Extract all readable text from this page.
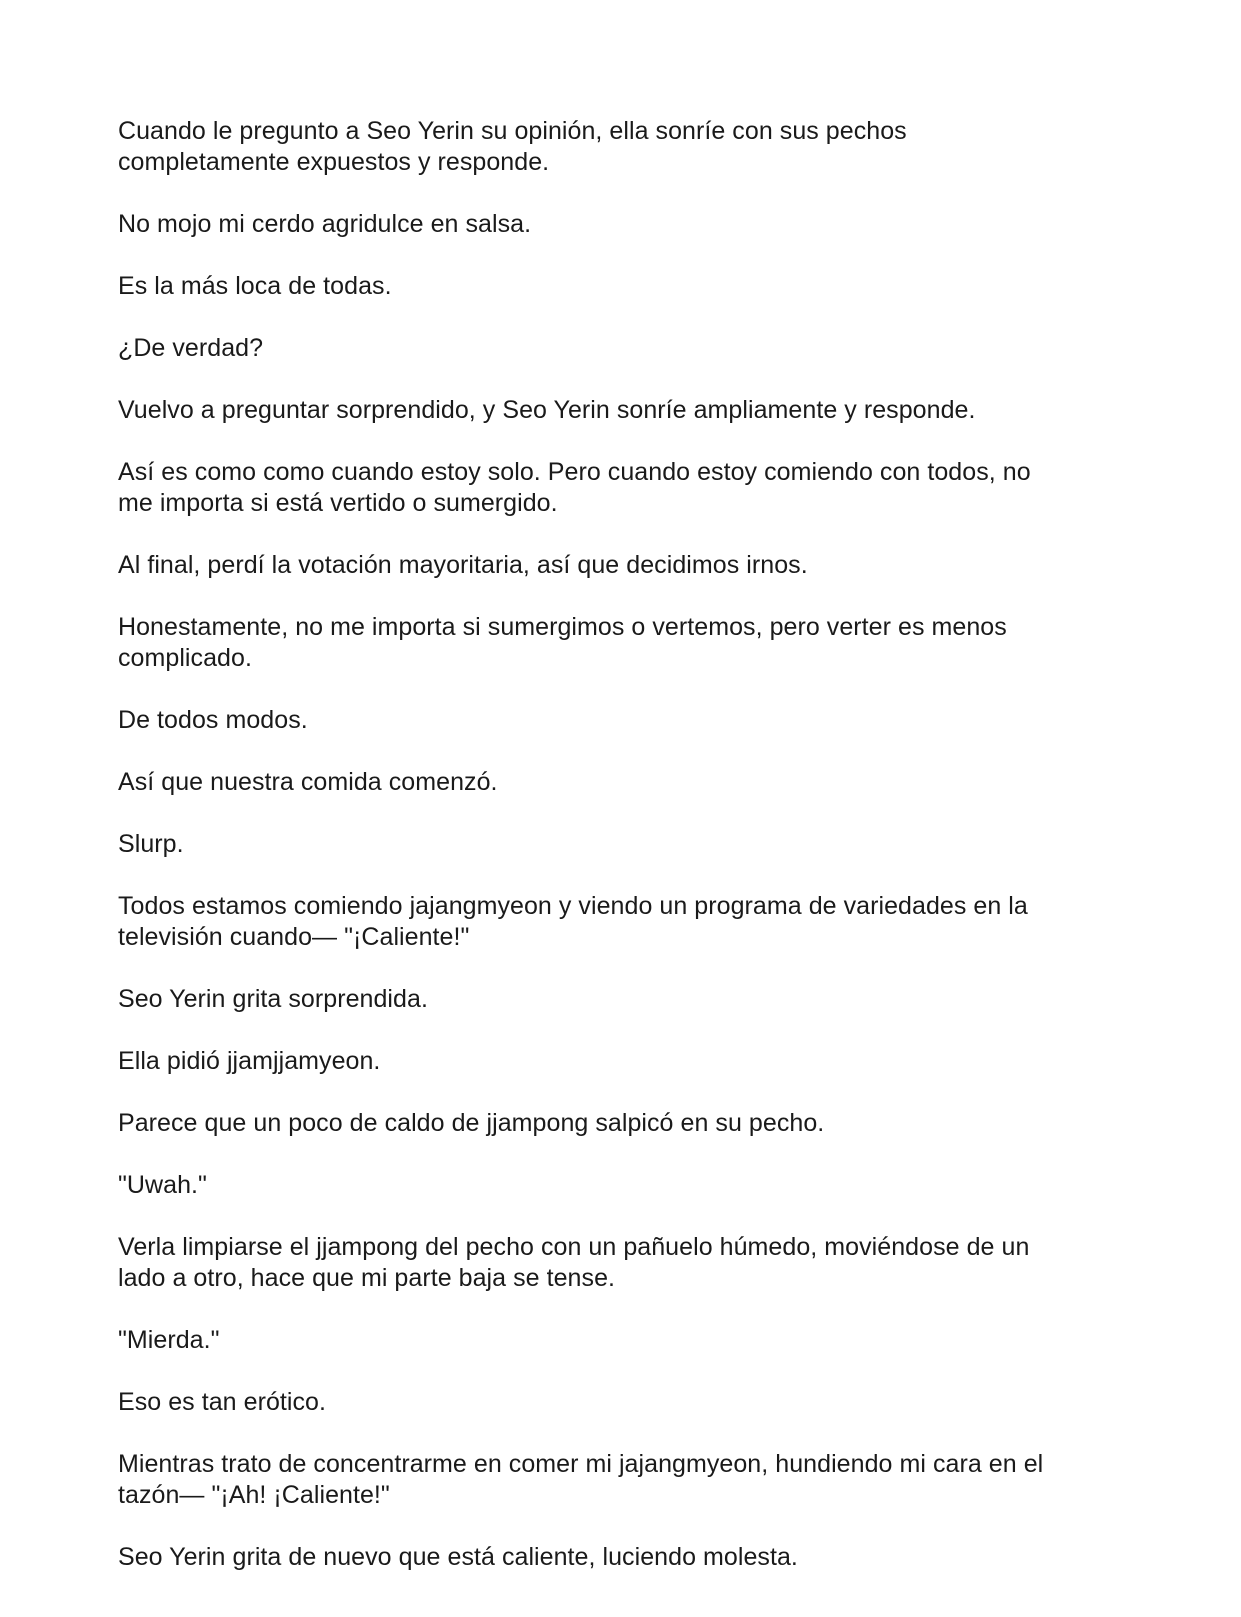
Cuando le pregunto a Seo Yerin su opinión, ella sonríe con sus pechos
completamente expuestos y responde.

No mojo mi cerdo agridulce en salsa.

Es la más loca de todas.

¿De verdad?

Vuelvo a preguntar sorprendido, y Seo Yerin sonríe ampliamente y responde.

Así es como como cuando estoy solo. Pero cuando estoy comiendo con todos, no
me importa si está vertido o sumergido.

Al final, perdí la votación mayoritaria, así que decidimos irnos.

Honestamente, no me importa si sumergimos o vertemos, pero verter es menos
complicado.

De todos modos.

Así que nuestra comida comenzó.

Slurp.

Todos estamos comiendo jajangmyeon y viendo un programa de variedades en la
televisión cuando— "¡Caliente!"

Seo Yerin grita sorprendida.

Ella pidió jjamjjamyeon.

Parece que un poco de caldo de jjampong salpicó en su pecho.

"Uwah."

Verla limpiarse el jjampong del pecho con un pañuelo húmedo, moviéndose de un
lado a otro, hace que mi parte baja se tense.

"Mierda."

Eso es tan erótico.

Mientras trato de concentrarme en comer mi jajangmyeon, hundiendo mi cara en el
tazón— "¡Ah! ¡Caliente!"

Seo Yerin grita de nuevo que está caliente, luciendo molesta.
